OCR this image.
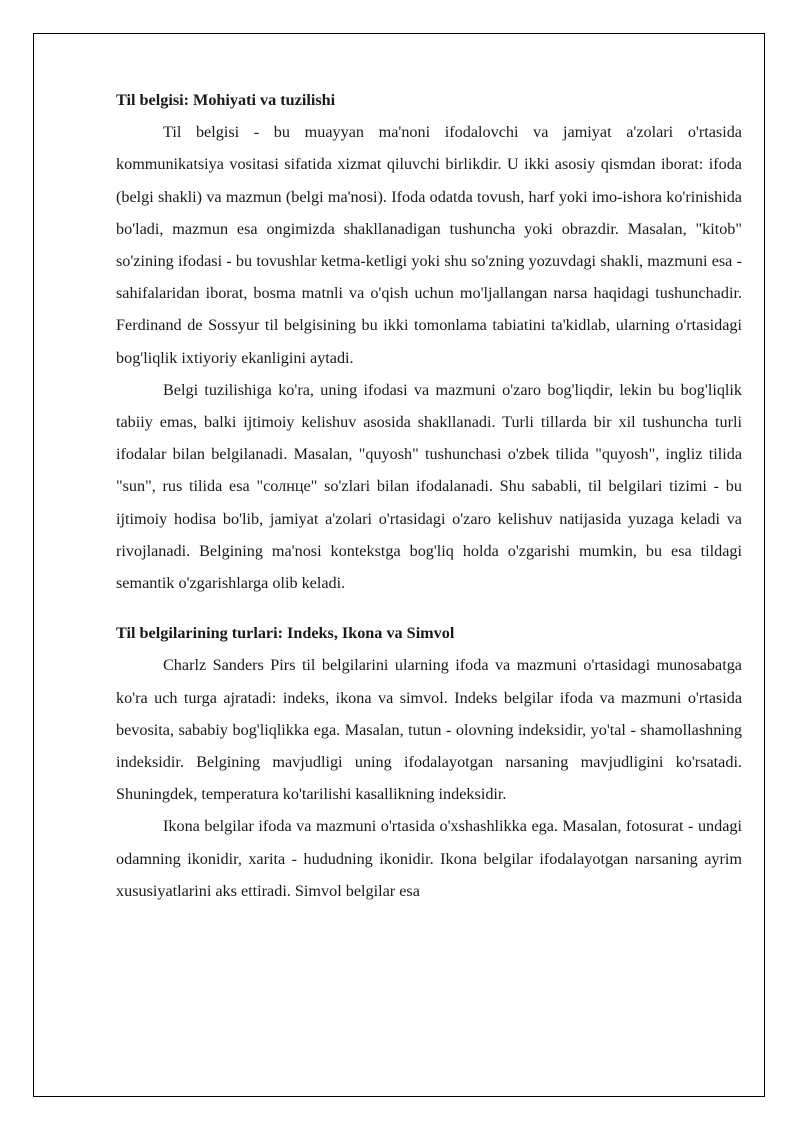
Til belgisi: Mohiyati va tuzilishi

Til belgisi - bu muayyan ma'noni ifodalovchi va jamiyat a'zolari o'rtasida kommunikatsiya vositasi sifatida xizmat qiluvchi birlikdir. U ikki asosiy qismdan iborat: ifoda (belgi shakli) va mazmun (belgi ma'nosi). Ifoda odatda tovush, harf yoki imo-ishora ko'rinishida bo'ladi, mazmun esa ongimizda shakllanadigan tushuncha yoki obrazdir. Masalan, "kitob" so'zining ifodasi - bu tovushlar ketma-ketligi yoki shu so'zning yozuvdagi shakli, mazmuni esa - sahifalaridan iborat, bosma matnli va o'qish uchun mo'ljallangan narsa haqidagi tushunchadir. Ferdinand de Sossyur til belgisining bu ikki tomonlama tabiatini ta'kidlab, ularning o'rtasidagi bog'liqlik ixtiyoriy ekanligini aytadi.

Belgi tuzilishiga ko'ra, uning ifodasi va mazmuni o'zaro bog'liqdir, lekin bu bog'liqlik tabiiy emas, balki ijtimoiy kelishuv asosida shakllanadi. Turli tillarda bir xil tushuncha turli ifodalar bilan belgilanadi. Masalan, "quyosh" tushunchasi o'zbek tilida "quyosh", ingliz tilida "sun", rus tilida esa "солнце" so'zlari bilan ifodalanadi. Shu sababli, til belgilari tizimi - bu ijtimoiy hodisa bo'lib, jamiyat a'zolari o'rtasidagi o'zaro kelishuv natijasida yuzaga keladi va rivojlanadi. Belgining ma'nosi kontekstga bog'liq holda o'zgarishi mumkin, bu esa tildagi semantik o'zgarishlarga olib keladi.

Til belgilarining turlari: Indeks, Ikona va Simvol

Charlz Sanders Pirs til belgilarini ularning ifoda va mazmuni o'rtasidagi munosabatga ko'ra uch turga ajratadi: indeks, ikona va simvol. Indeks belgilar ifoda va mazmuni o'rtasida bevosita, sababiy bog'liqlikka ega. Masalan, tutun - olovning indeksidir, yo'tal - shamollashning indeksidir. Belgining mavjudligi uning ifodalayotgan narsaning mavjudligini ko'rsatadi. Shuningdek, temperatura ko'tarilishi kasallikning indeksidir.

Ikona belgilar ifoda va mazmuni o'rtasida o'xshashlikka ega. Masalan, fotosurat - undagi odamning ikonidir, xarita - hududning ikonidir. Ikona belgilar ifodalayotgan narsaning ayrim xususiyatlarini aks ettiradi. Simvol belgilar esa
